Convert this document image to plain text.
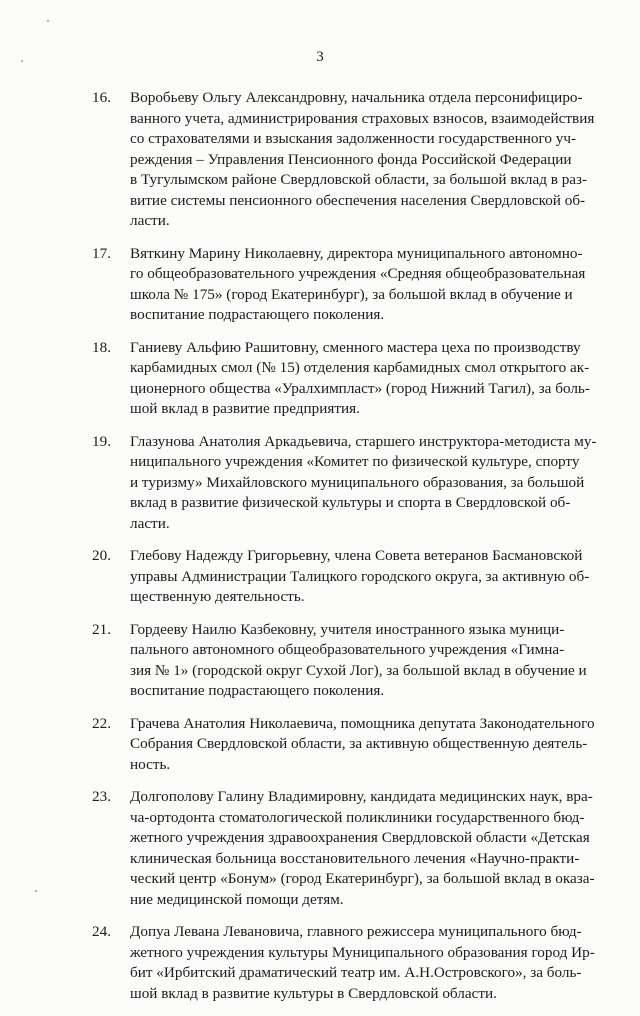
3
16.	Воробьеву Ольгу Александровну, начальника отдела персонифициро-
ванного учета, администрирования страховых взносов, взаимодействия
со страхователями и взыскания задолженности государственного уч-
реждения – Управления Пенсионного фонда Российской Федерации
в Тугулымском районе Свердловской области, за большой вклад в раз-
витие системы пенсионного обеспечения населения Свердловской об-
ласти.
17.	Вяткину Марину Николаевну, директора муниципального автономно-
го общеобразовательного учреждения «Средняя общеобразовательная
школа № 175» (город Екатеринбург), за большой вклад в обучение и
воспитание подрастающего поколения.
18.	Ганиеву Альфию Рашитовну, сменного мастера цеха по производству
карбамидных смол (№ 15) отделения карбамидных смол открытого ак-
ционерного общества «Уралхимпласт» (город Нижний Тагил), за боль-
шой вклад в развитие предприятия.
19.	Глазунова Анатолия Аркадьевича, старшего инструктора-методиста му-
ниципального учреждения «Комитет по физической культуре, спорту
и туризму» Михайловского муниципального образования, за большой
вклад в развитие физической культуры и спорта в Свердловской об-
ласти.
20.	Глебову Надежду Григорьевну, члена Совета ветеранов Басмановской
управы Администрации Талицкого городского округа, за активную об-
щественную деятельность.
21.	Гордееву Наилю Казбековну, учителя иностранного языка муници-
пального автономного общеобразовательного учреждения «Гимна-
зия № 1» (городской округ Сухой Лог), за большой вклад в обучение и
воспитание подрастающего поколения.
22.	Грачева Анатолия Николаевича, помощника депутата Законодательного
Собрания Свердловской области, за активную общественную деятель-
ность.
23.	Долгополову Галину Владимировну, кандидата медицинских наук, вра-
ча-ортодонта стоматологической поликлиники государственного бюд-
жетного учреждения здравоохранения Свердловской области «Детская
клиническая больница восстановительного лечения «Научно-практи-
ческий центр «Бонум» (город Екатеринбург), за большой вклад в оказа-
ние медицинской помощи детям.
24.	Допуа Левана Левановича, главного режиссера муниципального бюд-
жетного учреждения культуры Муниципального образования город Ир-
бит «Ирбитский драматический театр им. А.Н.Островского», за боль-
шой вклад в развитие культуры в Свердловской области.
